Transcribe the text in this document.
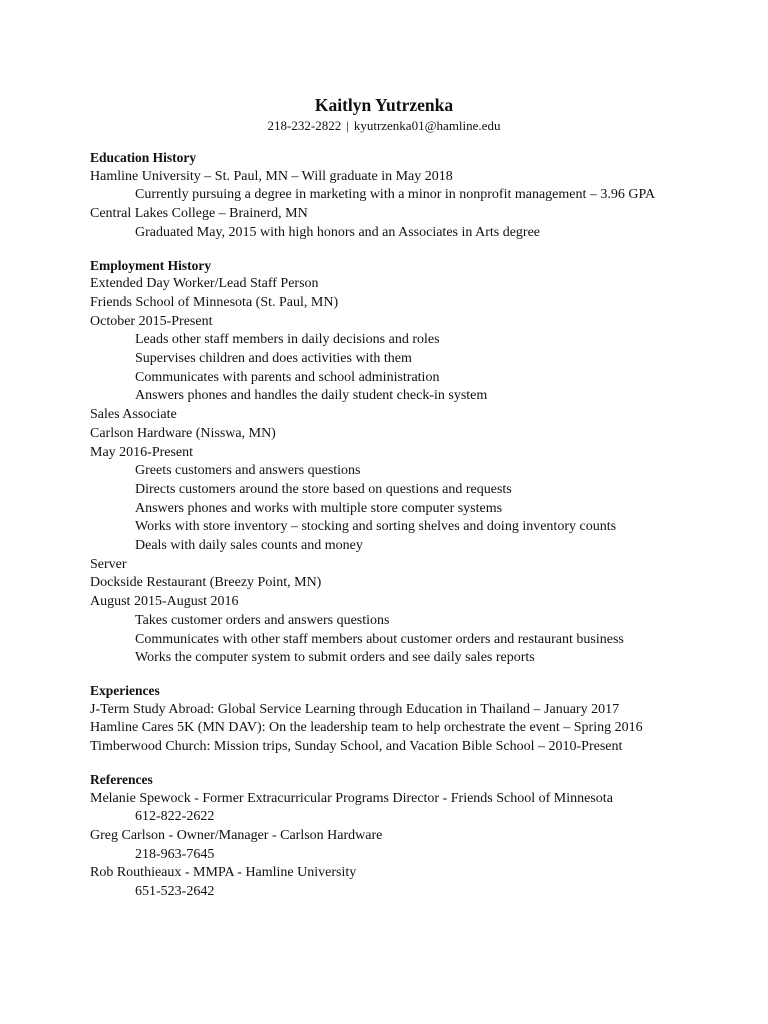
Kaitlyn Yutrzenka

218-232-2822 | kyutrzenka01@hamline.edu

Education History

Hamline University – St. Paul, MN – Will graduate in May 2018

Currently pursuing a degree in marketing with a minor in nonprofit management – 3.96 GPA

Central Lakes College – Brainerd, MN

Graduated May, 2015 with high honors and an Associates in Arts degree

Employment History

Extended Day Worker/Lead Staff Person

Friends School of Minnesota (St. Paul, MN)

October 2015-Present

Leads other staff members in daily decisions and roles

Supervises children and does activities with them

Communicates with parents and school administration

Answers phones and handles the daily student check-in system

Sales Associate

Carlson Hardware (Nisswa, MN)

May 2016-Present

Greets customers and answers questions

Directs customers around the store based on questions and requests

Answers phones and works with multiple store computer systems

Works with store inventory – stocking and sorting shelves and doing inventory counts

Deals with daily sales counts and money

Server

Dockside Restaurant (Breezy Point, MN)

August 2015-August 2016

Takes customer orders and answers questions

Communicates with other staff members about customer orders and restaurant business

Works the computer system to submit orders and see daily sales reports

Experiences

J-Term Study Abroad: Global Service Learning through Education in Thailand – January 2017

Hamline Cares 5K (MN DAV): On the leadership team to help orchestrate the event – Spring 2016

Timberwood Church: Mission trips, Sunday School, and Vacation Bible School – 2010-Present

References

Melanie Spewock - Former Extracurricular Programs Director - Friends School of Minnesota

612-822-2622

Greg Carlson - Owner/Manager - Carlson Hardware

218-963-7645

Rob Routhieaux - MMPA - Hamline University

651-523-2642
